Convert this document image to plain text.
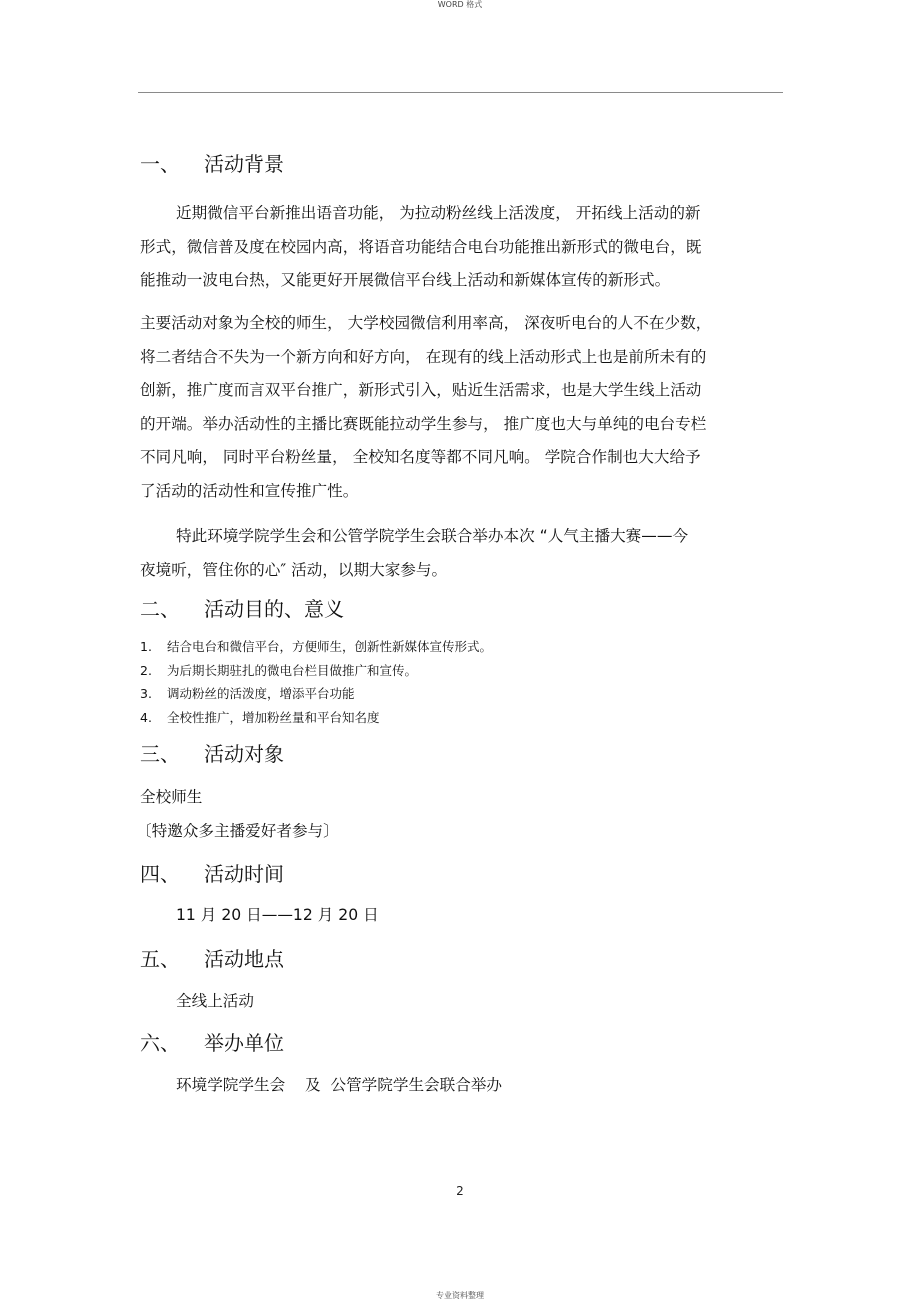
WORD 格式
一、 活动背景
近期微信平台新推出语音功能， 为拉动粉丝线上活泼度， 开拓线上活动的新
形式，微信普及度在校园内高，将语音功能结合电台功能推出新形式的微电台，既
能推动一波电台热，又能更好开展微信平台线上活动和新媒体宣传的新形式。
主要活动对象为全校的师生， 大学校园微信利用率高， 深夜听电台的人不在少数，
将二者结合不失为一个新方向和好方向， 在现有的线上活动形式上也是前所未有的
创新，推广度而言双平台推广，新形式引入，贴近生活需求，也是大学生线上活动
的开端。举办活动性的主播比赛既能拉动学生参与， 推广度也大与单纯的电台专栏
不同凡响， 同时平台粉丝量， 全校知名度等都不同凡响。 学院合作制也大大给予
了活动的活动性和宣传推广性。
特此环境学院学生会和公管学院学生会联合举办本次 “人气主播大赛——今
夜境听，管住你的心″ 活动，以期大家参与。
二、 活动目的、意义
1. 结合电台和微信平台，方便师生，创新性新媒体宣传形式。
2. 为后期长期驻扎的微电台栏目做推广和宣传。
3. 调动粉丝的活泼度，增添平台功能
4. 全校性推广，增加粉丝量和平台知名度
三、 活动对象
全校师生
〔特邀众多主播爱好者参与〕
四、 活动时间
11 月 20 日——12 月 20 日
五、 活动地点
全线上活动
六、 举办单位
环境学院学生会    及  公管学院学生会联合举办
2
专业资料整理
